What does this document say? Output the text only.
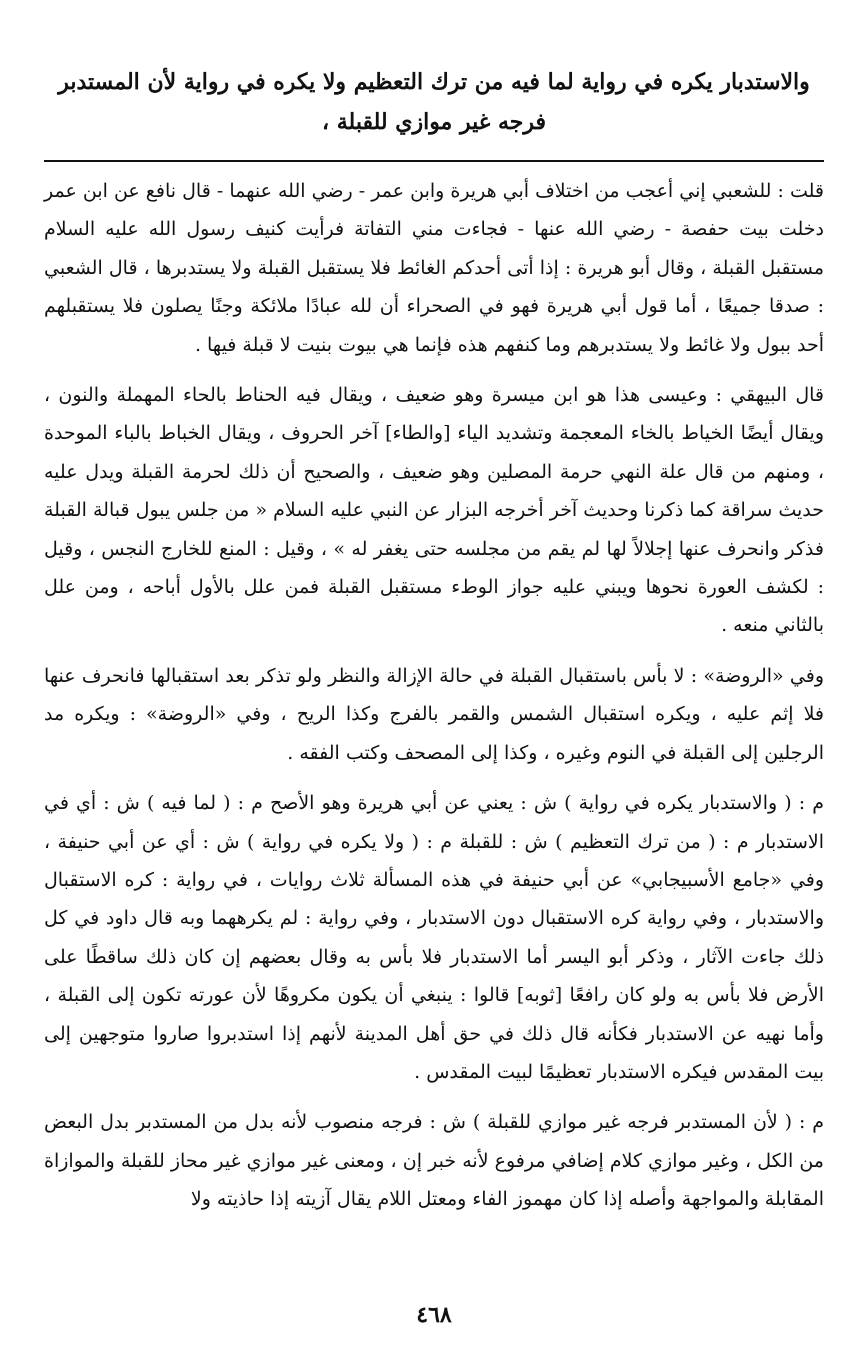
والاستدبار يكره في رواية لما فيه من ترك التعظيم ولا يكره في رواية لأن المستدبر فرجه غير موازي للقبلة ،

قلت : للشعبي إني أعجب من اختلاف أبي هريرة وابن عمر - رضي الله عنهما - قال نافع عن ابن عمر دخلت بيت حفصة - رضي الله عنها - فجاءت مني التفاتة فرأيت كنيف رسول الله عليه السلام مستقبل القبلة ، وقال أبو هريرة : إذا أتى أحدكم الغائط فلا يستقبل القبلة ولا يستدبرها ، قال الشعبي : صدقا جميعًا ، أما قول أبي هريرة فهو في الصحراء أن لله عبادًا ملائكة وجنًا يصلون فلا يستقبلهم أحد ببول ولا غائط ولا يستدبرهم وما كنفهم هذه فإنما هي بيوت بنيت لا قبلة فيها .

قال البيهقي : وعيسى هذا هو ابن ميسرة وهو ضعيف ، ويقال فيه الحناط بالحاء المهملة والنون ، ويقال أيضًا الخياط بالخاء المعجمة وتشديد الياء [والطاء] آخر الحروف ، ويقال الخباط بالباء الموحدة ، ومنهم من قال علة النهي حرمة المصلين وهو ضعيف ، والصحيح أن ذلك لحرمة القبلة ويدل عليه حديث سراقة كما ذكرنا وحديث آخر أخرجه البزار عن النبي عليه السلام « من جلس يبول قبالة القبلة فذكر وانحرف عنها إجلالاً لها لم يقم من مجلسه حتى يغفر له » ، وقيل : المنع للخارج النجس ، وقيل : لكشف العورة نحوها ويبني عليه جواز الوطء مستقبل القبلة فمن علل بالأول أباحه ، ومن علل بالثاني منعه .

وفي «الروضة» : لا بأس باستقبال القبلة في حالة الإزالة والنظر ولو تذكر بعد استقبالها فانحرف عنها فلا إثم عليه ، ويكره استقبال الشمس والقمر بالفرج وكذا الريح ، وفي «الروضة» : ويكره مد الرجلين إلى القبلة في النوم وغيره ، وكذا إلى المصحف وكتب الفقه .

م : ( والاستدبار يكره في رواية ) ش : يعني عن أبي هريرة وهو الأصح م : ( لما فيه ) ش : أي في الاستدبار م : ( من ترك التعظيم ) ش : للقبلة م : ( ولا يكره في رواية ) ش : أي عن أبي حنيفة ، وفي «جامع الأسبيجابي» عن أبي حنيفة في هذه المسألة ثلاث روايات ، في رواية : كره الاستقبال والاستدبار ، وفي رواية كره الاستقبال دون الاستدبار ، وفي رواية : لم يكرههما وبه قال داود في كل ذلك جاءت الآثار ، وذكر أبو اليسر أما الاستدبار فلا بأس به وقال بعضهم إن كان ذلك ساقطًا على الأرض فلا بأس به ولو كان رافعًا [ثوبه] قالوا : ينبغي أن يكون مكروهًا لأن عورته تكون إلى القبلة ، وأما نهيه عن الاستدبار فكأنه قال ذلك في حق أهل المدينة لأنهم إذا استدبروا صاروا متوجهين إلى بيت المقدس فيكره الاستدبار تعظيمًا لبيت المقدس .

م : ( لأن المستدبر فرجه غير موازي للقبلة ) ش : فرجه منصوب لأنه بدل من المستدبر بدل البعض من الكل ، وغير موازي كلام إضافي مرفوع لأنه خبر إن ، ومعنى غير موازي غير محاز للقبلة والموازاة المقابلة والمواجهة وأصله إذا كان مهموز الفاء ومعتل اللام يقال آزيته إذا حاذيته ولا

٤٦٨
